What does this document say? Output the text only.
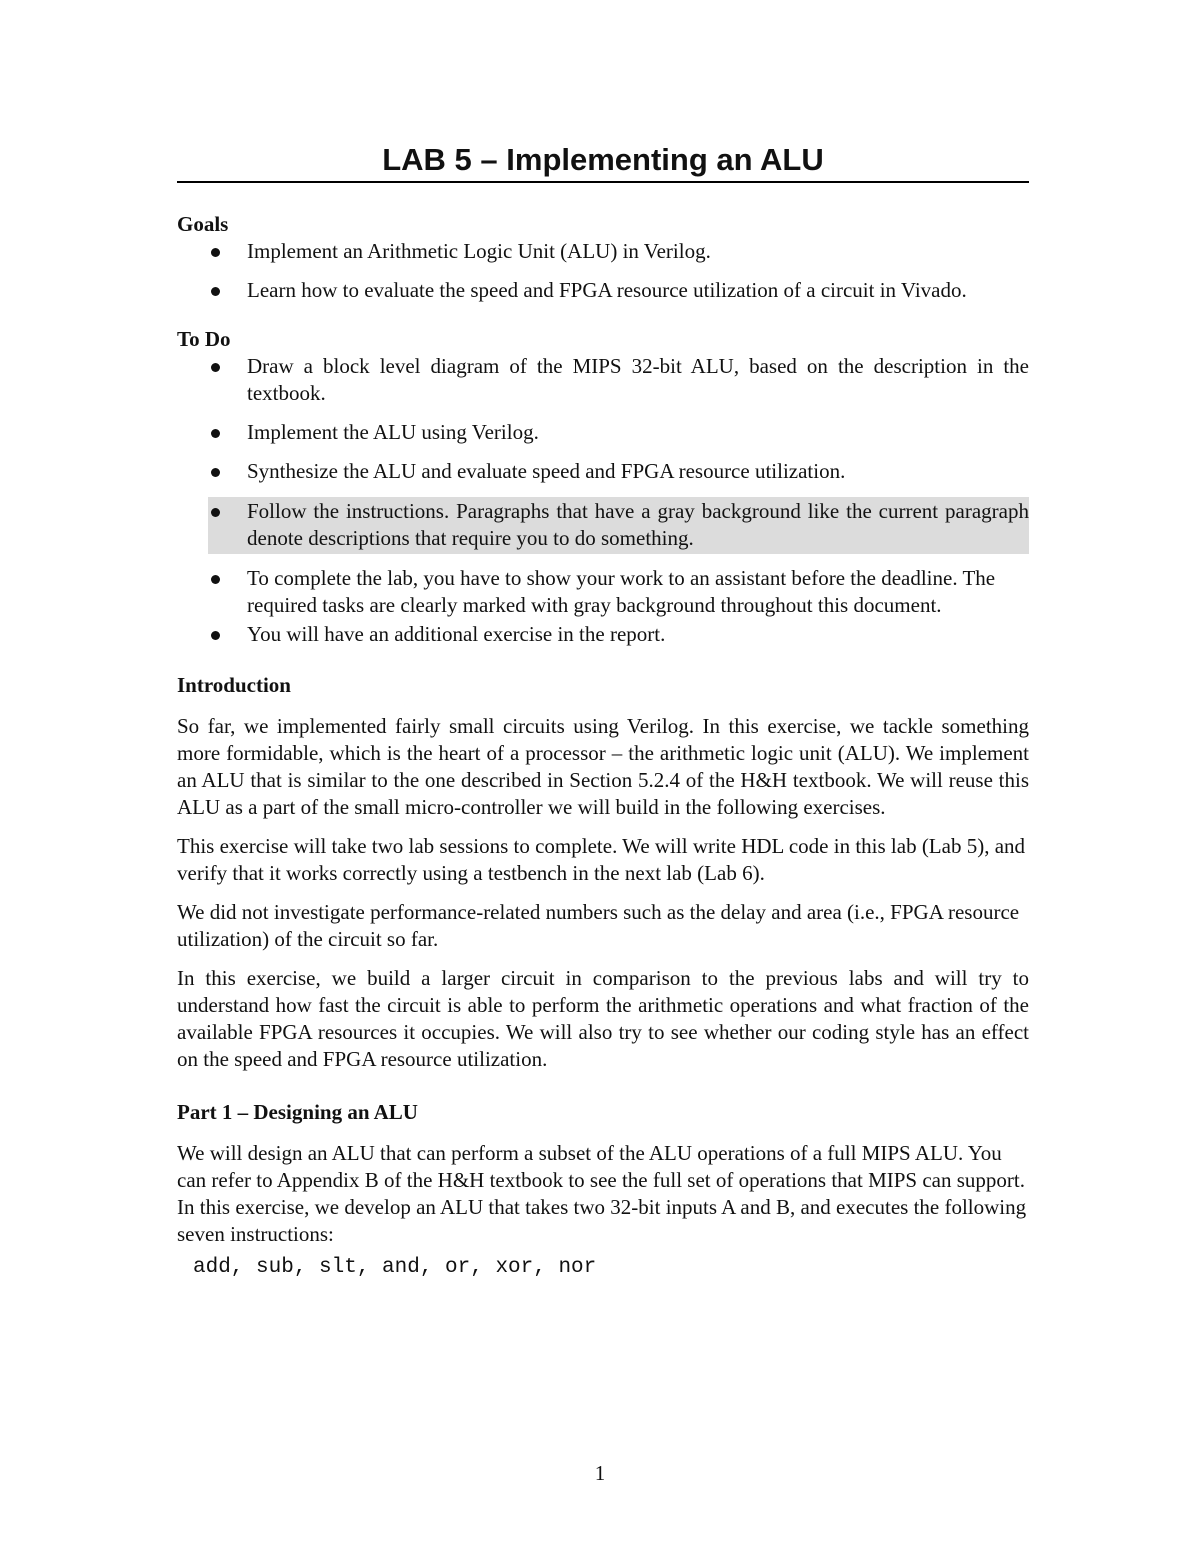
LAB 5 – Implementing an ALU
Goals
Implement an Arithmetic Logic Unit (ALU) in Verilog.
Learn how to evaluate the speed and FPGA resource utilization of a circuit in Vivado.
To Do
Draw a block level diagram of the MIPS 32-bit ALU, based on the description in the textbook.
Implement the ALU using Verilog.
Synthesize the ALU and evaluate speed and FPGA resource utilization.
Follow the instructions. Paragraphs that have a gray background like the current paragraph denote descriptions that require you to do something.
To complete the lab, you have to show your work to an assistant before the deadline. The required tasks are clearly marked with gray background throughout this document.
You will have an additional exercise in the report.
Introduction

So far, we implemented fairly small circuits using Verilog. In this exercise, we tackle something more formidable, which is the heart of a processor – the arithmetic logic unit (ALU). We implement an ALU that is similar to the one described in Section 5.2.4 of the H&H textbook. We will reuse this ALU as a part of the small micro-controller we will build in the following exercises.

This exercise will take two lab sessions to complete. We will write HDL code in this lab (Lab 5), and verify that it works correctly using a testbench in the next lab (Lab 6).

We did not investigate performance-related numbers such as the delay and area (i.e., FPGA resource utilization) of the circuit so far.

In this exercise, we build a larger circuit in comparison to the previous labs and will try to understand how fast the circuit is able to perform the arithmetic operations and what fraction of the available FPGA resources it occupies. We will also try to see whether our coding style has an effect on the speed and FPGA resource utilization.

Part 1 – Designing an ALU

We will design an ALU that can perform a subset of the ALU operations of a full MIPS ALU. You can refer to Appendix B of the H&H textbook to see the full set of operations that MIPS can support. In this exercise, we develop an ALU that takes two 32-bit inputs A and B, and executes the following seven instructions:

add, sub, slt, and, or, xor, nor
1
